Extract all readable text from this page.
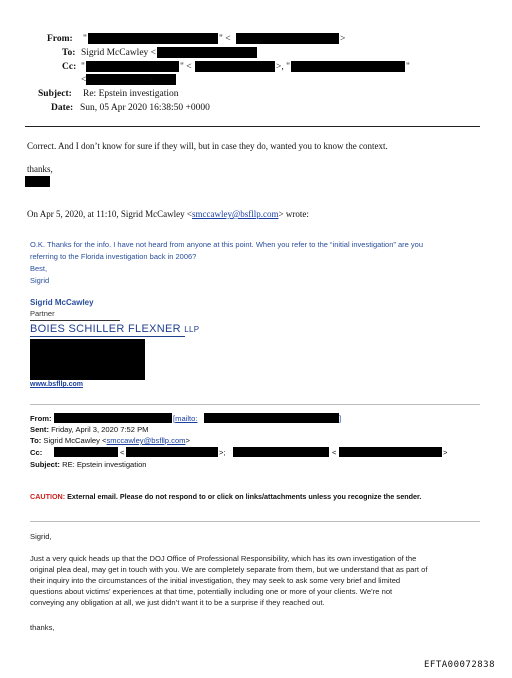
From: "	" <	>
To: Sigrid McCawley <
Cc: "	" <	>, "	"
<	>
Subject: Re: Epstein investigation
Date: Sun, 05 Apr 2020 16:38:50 +0000
Correct. And I don’t know for sure if they will, but in case they do, wanted you to know the context.
thanks,
On Apr 5, 2020, at 11:10, Sigrid McCawley <smccawley@bsfllp.com> wrote:
O.K. Thanks for the info. I have not heard from anyone at this point. When you refer to the “initial investigation” are you
referring to the Florida investigation back in 2006?
Best,
Sigrid
Sigrid McCawley
Partner
BOIES SCHILLER FLEXNER LLP
www.bsfllp.com
From:	[mailto:	]
Sent: Friday, April 3, 2020 7:52 PM
To: Sigrid McCawley <smccawley@bsfllp.com>
Cc:	<	>;	<	>
Subject: RE: Epstein investigation
CAUTION: External email. Please do not respond to or click on links/attachments unless you recognize the sender.
Sigrid,
Just a very quick heads up that the DOJ Office of Professional Responsibility, which has its own investigation of the
original plea deal, may get in touch with you. We are completely separate from them, but we understand that as part of
their inquiry into the circumstances of the initial investigation, they may seek to ask some very brief and limited
questions about victims’ experiences at that time, potentially including one or more of your clients. We’re not
conveying any obligation at all, we just didn’t want it to be a surprise if they reached out.
thanks,
EFTA00072838
